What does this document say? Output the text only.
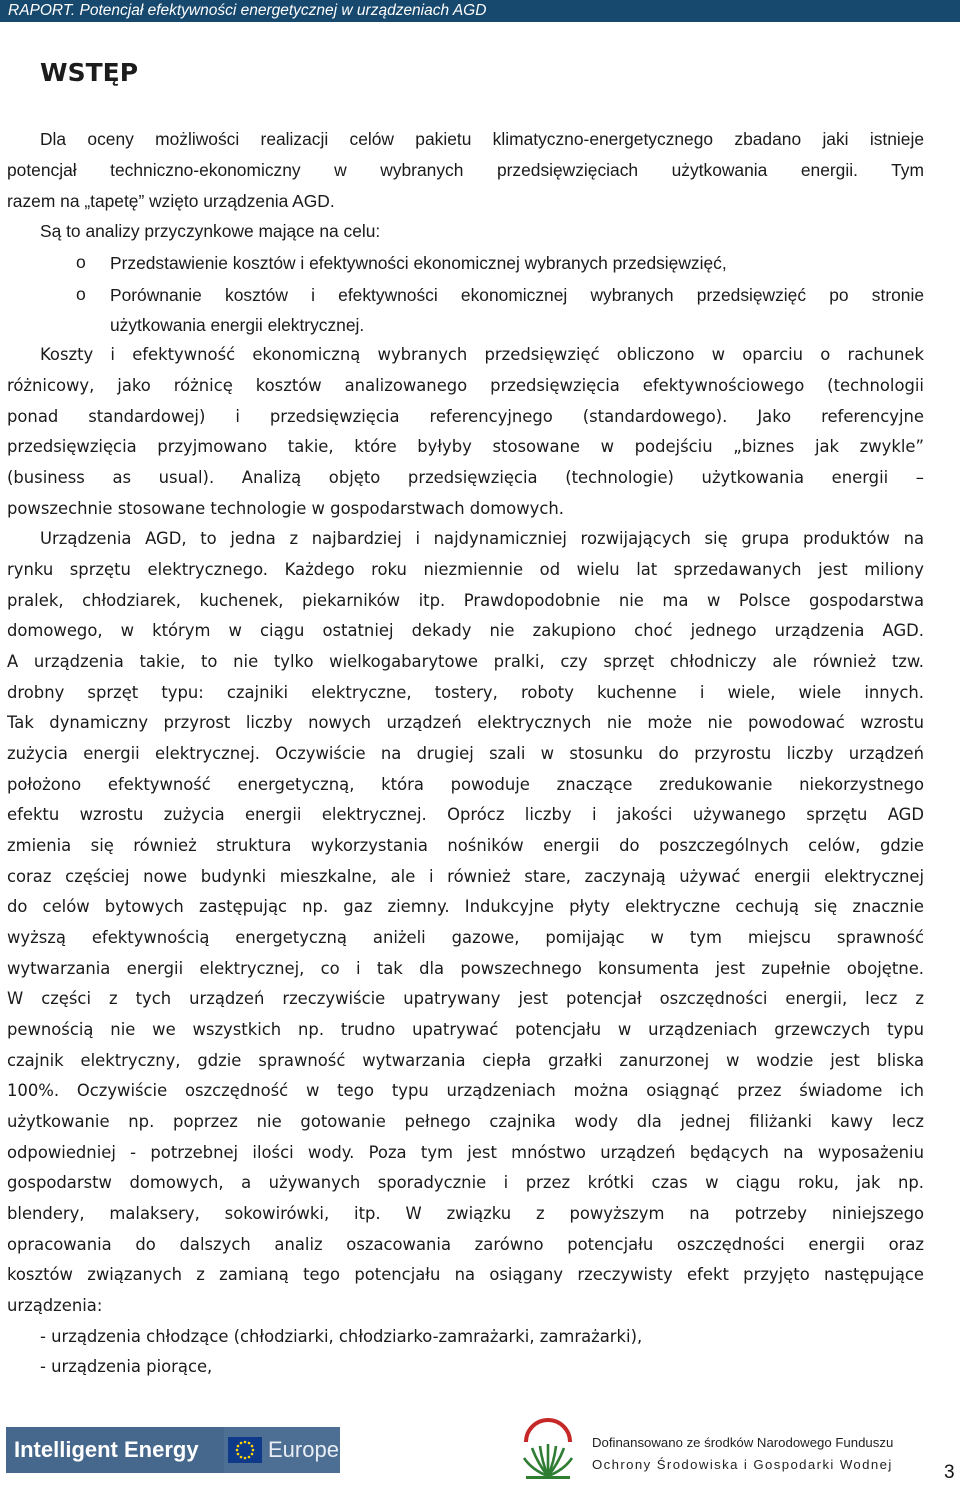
RAPORT. Potencjał efektywności energetycznej w urządzeniach AGD
WSTĘP
Dla oceny możliwości realizacji celów pakietu klimatyczno-energetycznego zbadano jaki istnieje
potencjał techniczno-ekonomiczny w wybranych przedsięwzięciach użytkowania energii. Tym
razem na „tapetę” wzięto urządzenia AGD.
Są to analizy przyczynkowe mające na celu:
o Przedstawienie kosztów i efektywności ekonomicznej wybranych przedsięwzięć,
o Porównanie kosztów i efektywności ekonomicznej wybranych przedsięwzięć po stronie
użytkowania energii elektrycznej.
Koszty i efektywność ekonomiczną wybranych przedsięwzięć obliczono w oparciu o rachunek
różnicowy, jako różnicę kosztów analizowanego przedsięwzięcia efektywnościowego (technologii
ponad standardowej) i przedsięwzięcia referencyjnego (standardowego). Jako referencyjne
przedsięwzięcia przyjmowano takie, które byłyby stosowane w podejściu „biznes jak zwykle”
(business as usual). Analizą objęto przedsięwzięcia (technologie) użytkowania energii –
powszechnie stosowane technologie w gospodarstwach domowych.
Urządzenia AGD, to jedna z najbardziej i najdynamiczniej rozwijających się grupa produktów na
rynku sprzętu elektrycznego. Każdego roku niezmiennie od wielu lat sprzedawanych jest miliony
pralek, chłodziarek, kuchenek, piekarników itp. Prawdopodobnie nie ma w Polsce gospodarstwa
domowego, w którym w ciągu ostatniej dekady nie zakupiono choć jednego urządzenia AGD.
A urządzenia takie, to nie tylko wielkogabarytowe pralki, czy sprzęt chłodniczy ale również tzw.
drobny sprzęt typu: czajniki elektryczne, tostery, roboty kuchenne i wiele, wiele innych.
Tak dynamiczny przyrost liczby nowych urządzeń elektrycznych nie może nie powodować wzrostu
zużycia energii elektrycznej. Oczywiście na drugiej szali w stosunku do przyrostu liczby urządzeń
położono efektywność energetyczną, która powoduje znaczące zredukowanie niekorzystnego
efektu wzrostu zużycia energii elektrycznej. Oprócz liczby i jakości używanego sprzętu AGD
zmienia się również struktura wykorzystania nośników energii do poszczególnych celów, gdzie
coraz częściej nowe budynki mieszkalne, ale i również stare, zaczynają używać energii elektrycznej
do celów bytowych zastępując np. gaz ziemny. Indukcyjne płyty elektryczne cechują się znacznie
wyższą efektywnością energetyczną aniżeli gazowe, pomijając w tym miejscu sprawność
wytwarzania energii elektrycznej, co i tak dla powszechnego konsumenta jest zupełnie obojętne.
W części z tych urządzeń rzeczywiście upatrywany jest potencjał oszczędności energii, lecz z
pewnością nie we wszystkich np. trudno upatrywać potencjału w urządzeniach grzewczych typu
czajnik elektryczny, gdzie sprawność wytwarzania ciepła grzałki zanurzonej w wodzie jest bliska
100%. Oczywiście oszczędność w tego typu urządzeniach można osiągnąć przez świadome ich
użytkowanie np. poprzez nie gotowanie pełnego czajnika wody dla jednej filiżanki kawy lecz
odpowiedniej - potrzebnej ilości wody. Poza tym jest mnóstwo urządzeń będących na wyposażeniu
gospodarstw domowych, a używanych sporadycznie i przez krótki czas w ciągu roku, jak np.
blendery, malaksery, sokowirówki, itp. W związku z powyższym na potrzeby niniejszego
opracowania do dalszych analiz oszacowania zarówno potencjału oszczędności energii oraz
kosztów związanych z zamianą tego potencjału na osiągany rzeczywisty efekt przyjęto następujące
urządzenia:
- urządzenia chłodzące (chłodziarki, chłodziarko-zamrażarki, zamrażarki),
- urządzenia piorące,
Intelligent Energy	Europe	Dofinansowano ze środków Narodowego Funduszu
Ochrony Środowiska i Gospodarki Wodnej	3
